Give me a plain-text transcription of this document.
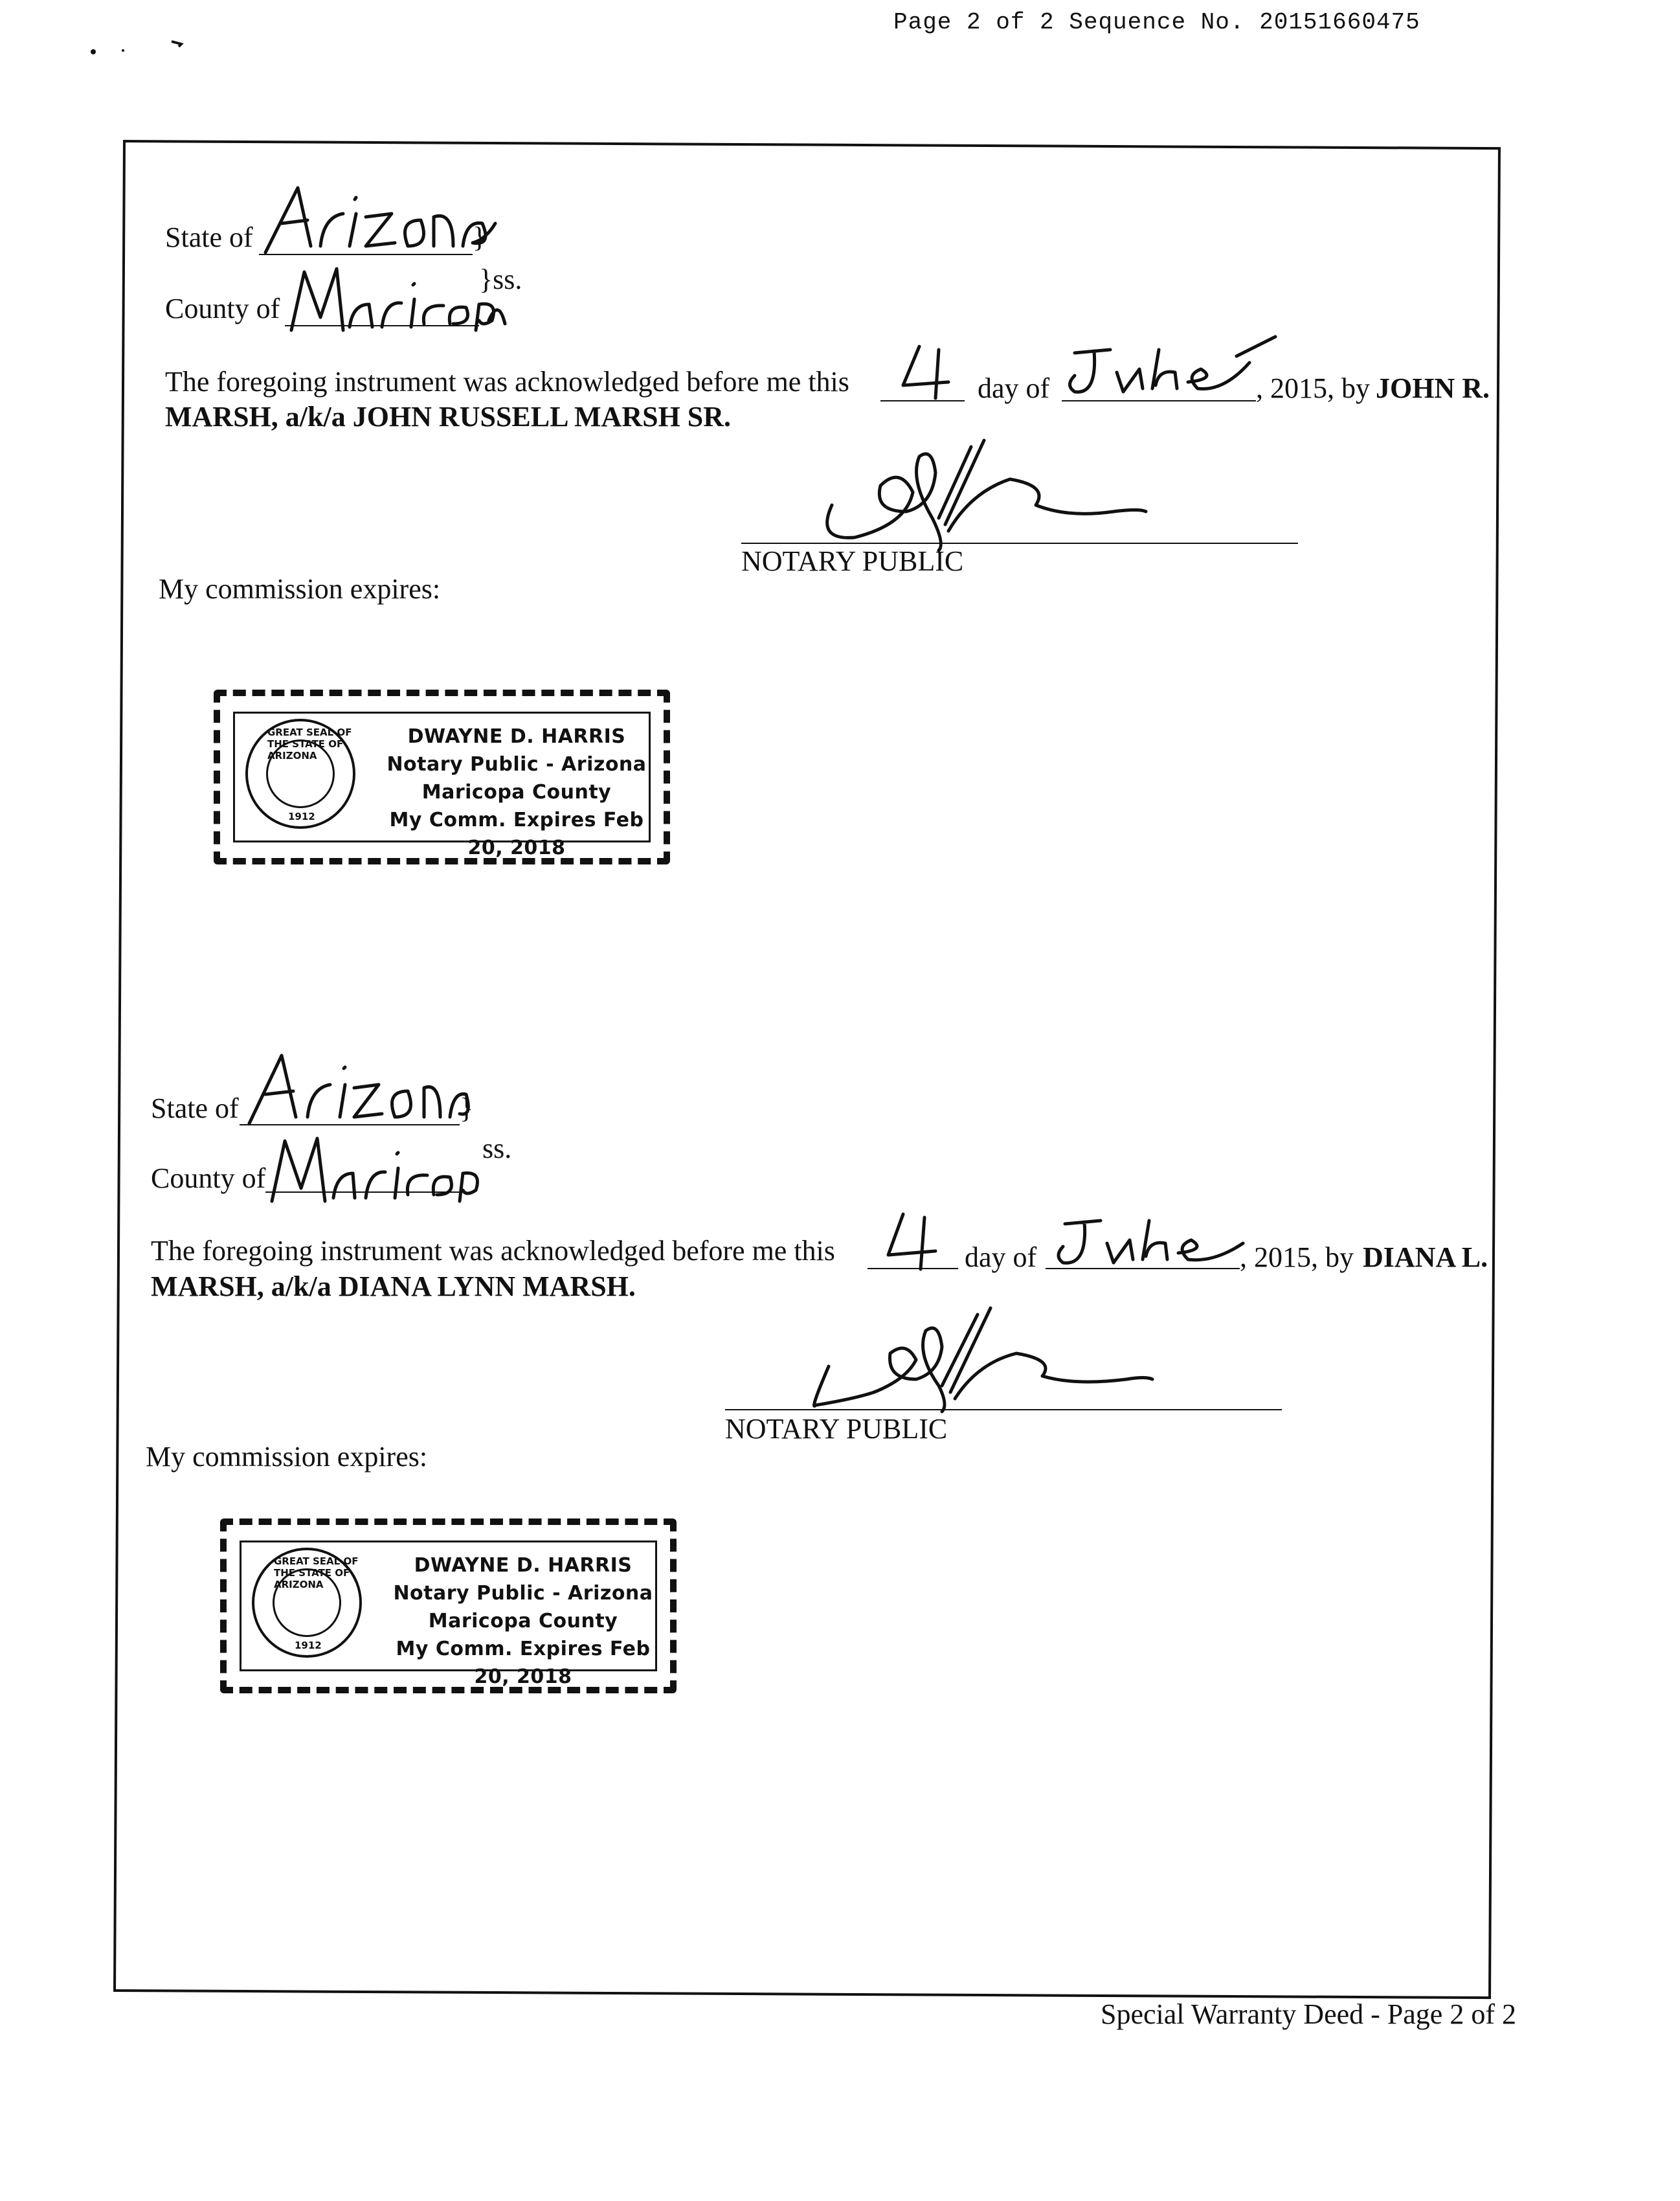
Page 2 of 2 Sequence No. 20151660475
State of	}
County of
}ss.
The foregoing instrument was acknowledged before me this	day of	, 2015, by JOHN R.
MARSH, a/k/a JOHN RUSSELL MARSH SR.
NOTARY PUBLIC
My commission expires:
GREAT SEAL OF THE STATE OF ARIZONA
1912
DWAYNE D. HARRIS
Notary Public - Arizona
Maricopa County
My Comm. Expires Feb 20, 2018
State of	}
County of
ss.
The foregoing instrument was acknowledged before me this	day of	, 2015, by DIANA L.
MARSH, a/k/a DIANA LYNN MARSH.
NOTARY PUBLIC
My commission expires:
GREAT SEAL OF THE STATE OF ARIZONA
1912
DWAYNE D. HARRIS
Notary Public - Arizona
Maricopa County
My Comm. Expires Feb 20, 2018
Special Warranty Deed - Page 2 of 2
